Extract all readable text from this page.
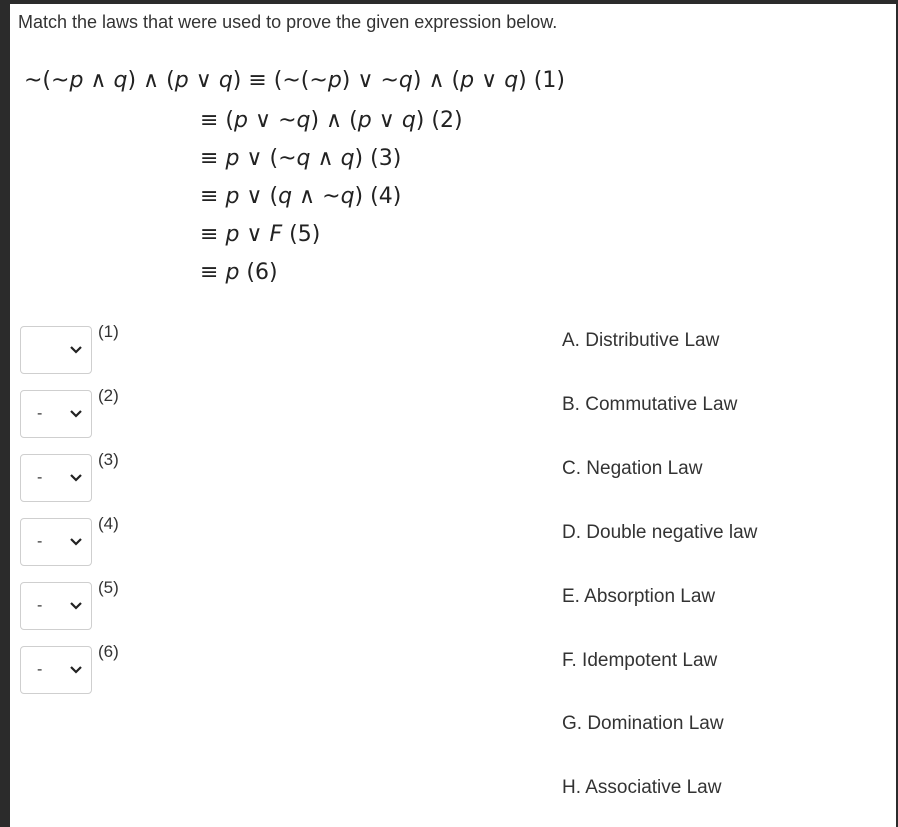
Match the laws that were used to prove the given expression below.

~(~p ∧ q) ∧ (p ∨ q) ≡ (~(~p) ∨ ~q) ∧ (p ∨ q) (1)
≡ (p ∨ ~q) ∧ (p ∨ q) (2)
≡ p ∨ (~q ∧ q) (3)
≡ p ∨ (q ∧ ~q) (4)
≡ p ∨ F (5)
≡ p (6)
(1)
-
(2)
-
(3)
-
(4)
-
(5)
-
(6)
A. Distributive Law
B. Commutative Law
C. Negation Law
D. Double negative law
E. Absorption Law
F. Idempotent Law
G. Domination Law
H. Associative Law
